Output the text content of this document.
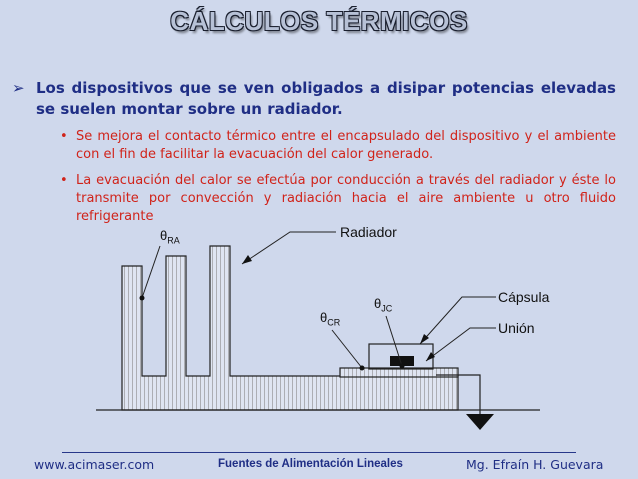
CÁLCULOS TÉRMICOS
➢ Los dispositivos que se ven obligados a disipar potencias elevadas se suelen montar sobre un radiador.
• Se mejora el contacto térmico entre el encapsulado del dispositivo y el ambiente con el fin de facilitar la evacuación del calor generado.
• La evacuación del calor se efectúa por conducción a través del radiador y éste lo transmite por convección y radiación hacia el aire ambiente u otro fluido refrigerante
$\theta_{RA}$
$\theta_{JC}$
$\theta_{CR}$
Radiador
Cápsula
Unión
www.acimaser.com	Fuentes de Alimentación Lineales	Mg. Efraín H. Guevara
